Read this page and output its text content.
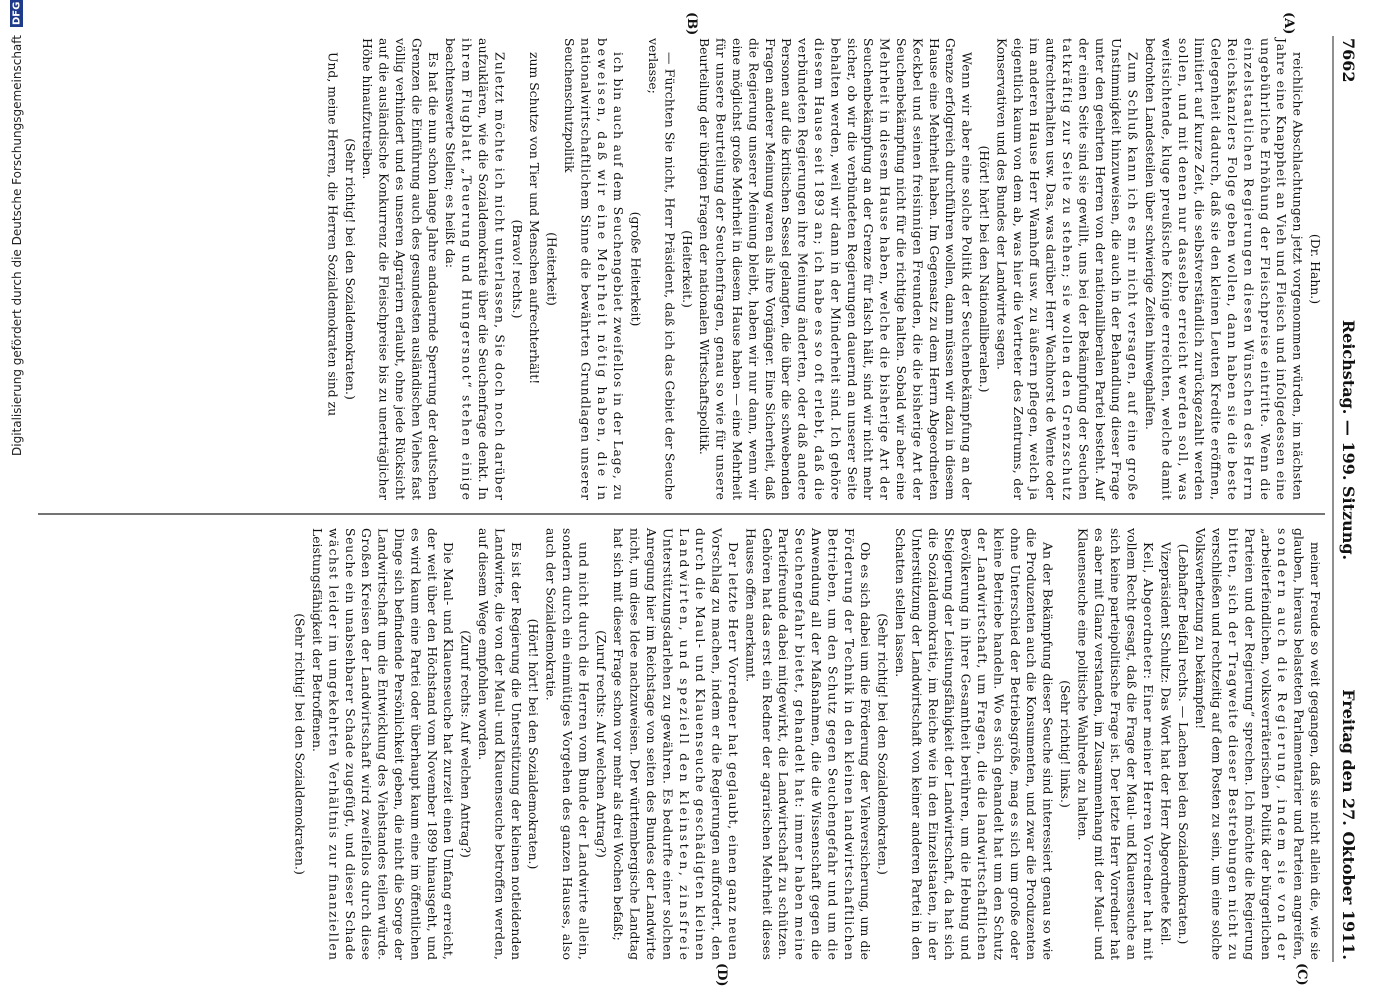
7662
Reichstag. — 199. Sitzung.
Freitag den 27. Oktober 1911.
(A)
(B)
(C)
(D)
(Dr. Hahn.)
reichliche Abschlachtungen jetzt vorgenommen würden, im nächsten
Jahre eine Knappheit an Vieh und Fleisch und infolgedessen eine
ungebührliche Erhöhung der Fleischpreise eintritte. Wenn die
einzelstaatlichen Regierungen diesen Wünschen des Herrn
Reichskanzlers Folge geben wollen, dann haben sie die beste
Gelegenheit dadurch, daß sie den kleinen Leuten Kredite eröffnen,
limitiert auf kurze Zeit, die selbstverständlich zurückgezahlt werden
sollen, und mit denen nur dasselbe erreicht werden soll, was
weitsichtende, kluge preußische Könige erreichten, welche damit
bedrohten Landesteilen über schwierige Zeiten hinweghalfen.
Zum Schluß kann ich es mir nicht versagen, auf eine große
Unstimmigkeit hinzuweisen, die auch in der Behandlung dieser Frage
unter den geehrten Herren von der nationalliberalen Partei besteht. Auf
der einen Seite sind sie gewillt, uns bei der Bekämpfung der Seuchen
tatkräftig zur Seite zu stehen; sie wollen den Grenzschutz
aufrechterhalten usw. Das, was darüber Herr Wachhorst de Wente oder
im anderen Hause Herr Wamhoff usw. zu äußern pflegen, welch ja
eigentlich kaum von dem ab, was hier die Vertreter des Zentrums, der
Konservativen und des Bundes der Landwirte sagen.
(Hört! hört! bei den Nationalliberalen.)
Wenn wir aber eine solche Politik der Seuchenbekämpfung an der
Grenze erfolgreich durchführen wollen, dann müssen wir dazu in diesem
Hause eine Mehrheit haben. Im Gegensatz zu dem Herrn Abgeordneten
Keckbel und seinen freisinnigen Freunden, die die bisherige Art der
Seuchenbekämpfung nicht für die richtige halten. Sobald wir aber eine
Mehrheit in diesem Hause haben, welche die bisherige Art der
Seuchenbekämpfung an der Grenze für falsch hält, sind wir nicht mehr
sicher, ob wir die verbündeten Regierungen dauernd an unserer Seite
behalten werden, weil wir dann in der Minderheit sind. Ich gehöre
diesem Hause seit 1893 an; ich habe es so oft erlebt, daß die
verbündeten Regierungen ihre Meinung änderten, oder daß andere
Personen auf die kritischen Sessel gelangten, die über die schwebenden
Fragen anderer Meinung waren als ihre Vorgänger. Eine Sicherheit, daß
die Regierung unserer Meinung bleibt, haben wir nur dann, wenn wir
eine möglichst große Mehrheit in diesem Hause haben — eine Mehrheit
für unsere Beurteilung der Seuchenfragen, genau so wie für unsere
Beurteilung der übrigen Fragen der nationalen Wirtschaftspolitik.
(Heiterkeit.)
— Fürchten Sie nicht, Herr Präsident, daß ich das Gebiet der Seuche
verlasse;
(große Heiterkeit)
ich bin auch auf dem Seuchengebiet zweifellos in der Lage, zu
beweisen, daß wir eine Mehrheit nötig haben, die in
nationalwirtschaftlichem Sinne die bewährten Grundlagen unserer
Seuchenschutzpolitik
(Heiterkeit)
zum Schutze von Tier und Menschen aufrechterhält!
(Bravo! rechts.)
Zuletzt möchte ich nicht unterlassen, Sie doch noch darüber
aufzuklären, wie die Sozialdemokratie über die Seuchenfrage denkt. In
ihrem Flugblatt „Teuerung und Hungersnot“ stehen einige
beachtenswerte Stellen; es heißt da:
Es hat die nun schon lange Jahre andauernde Sperrung der deutschen
Grenzen die Einführung auch des gesundesten ausländischen Viehes fast
völlig verhindert und es unseren Agrariern erlaubt, ohne jede Rücksicht
auf die ausländische Konkurrenz die Fleischpreise bis zu unerträglicher
Höhe hinaufzutreiben.
(Sehr richtig! bei den Sozialdemokraten.)
Und, meine Herren, die Herren Sozialdemokraten sind zu
meiner Freude so weit gegangen, daß sie nicht allein die, wie sie
glauben, hieraus belasteten Parlamentarier und Parteien angreifen,
sondern auch die Regierung, indem sie von der
„arbeiterfeindlichen, volksverräterischen Politik der bürgerlichen
Parteien und der Regierung“ sprechen. Ich möchte die Regierung
bitten, sich der Tragweite dieser Bestrebungen nicht zu
verschließen und rechtzeitig auf dem Posten zu sein, um eine solche
Volksverhetzung zu bekämpfen!
(Lebhafter Beifall rechts. — Lachen bei den Sozialdemokraten.)
Vizepräsident Schultz: Das Wort hat der Herr Abgeordnete Keil.
Keil, Abgeordneter: Einer meiner Herren Vorredner hat mit
vollem Recht gesagt, daß die Frage der Maul- und Klauenseuche an
sich keine parteipolitische Frage ist. Der letzte Herr Vorredner hat
es aber mit Glanz verstanden, im Zusammenhang mit der Maul- und
Klauenseuche eine politische Wahlrede zu halten.
(Sehr richtig! links.)
An der Bekämpfung dieser Seuche sind interessiert genau so wie
die Produzenten auch die Konsumenten, und zwar die Produzenten
ohne Unterschied der Betriebsgröße, mag es sich um große oder
kleine Betriebe handeln. Wo es sich gehandelt hat um den Schutz
der Landwirtschaft, um Fragen, die die landwirtschaftlichen
Bevölkerung in ihrer Gesamtheit berühren, um die Hebung und
Steigerung der Leistungsfähigkeit der Landwirtschaft, da hat sich
die Sozialdemokratie, im Reiche wie in den Einzelstaaten, in der
Unterstützung der Landwirtschaft von keiner anderen Partei in den
Schatten stellen lassen.
(Sehr richtig! bei den Sozialdemokraten.)
Ob es sich dabei um die Förderung der Viehversicherung, um die
Förderung der Technik in den kleinen landwirtschaftlichen
Betrieben, um den Schutz gegen Seuchengefahr und um die
Anwendung all der Maßnahmen, die die Wissenschaft gegen die
Seuchengefahr bietet, gehandelt hat: immer haben meine
Parteifreunde dabei mitgewirkt, die Landwirtschaft zu schützen.
Gehören hat das erst ein Redner der agrarischen Mehrheit dieses
Hauses offen anerkannt.
Der letzte Herr Vorredner hat geglaubt, einen ganz neuen
Vorschlag zu machen, indem er die Regierungen auffordert, den
durch die Maul- und Klauenseuche geschädigten kleinen
Landwirten, und speziell den kleinsten, zinsfreie
Unterstützungsdarlehen zu gewähren. Es bedurfte einer solchen
Anregung hier im Reichstage von seiten des Bundes der Landwirte
nicht, um diese Idee nachzuweisen. Der württembergische Landtag
hat sich mit dieser Frage schon vor mehr als drei Wochen befaßt;
(Zuruf rechts: Auf welchen Antrag?)
und nicht durch die Herren vom Bunde der Landwirte allein,
sondern durch ein einmütiges Vorgehen des ganzen Hauses, also
auch der Sozialdemokratie.
(Hört! hört! bei den Sozialdemokraten.)
Es ist der Regierung die Unterstützung der kleinen notleidenden
Landwirte, die von der Maul- und Klauenseuche betroffen werden,
auf diesem Wege empfohlen worden.
(Zuruf rechts: Auf welchen Antrag?)
Die Maul- und Klauenseuche hat zurzeit einen Umfang erreicht,
der weit über den Höchstand vom November 1899 hinausgeht, und
es wird kaum eine Partei oder überhaupt kaum eine im öffentlichen
Dinge sich befindende Persönlichkeit geben, die nicht die Sorge der
Landwirtschaft um die Entwicklung des Viehstandes teilen würde.
Großen Kreisen der Landwirtschaft wird zweifellos durch diese
Seuche ein unabsehbarer Schade zugefügt, und dieser Schade
wächst leider im umgekehrten Verhältnis zur finanziellen
Leistungsfähigkeit der Betroffenen.
(Sehr richtig! bei den Sozialdemokraten.)
Digitalisierung gefördert durch die Deutsche Forschungsgemeinschaft
DFG
